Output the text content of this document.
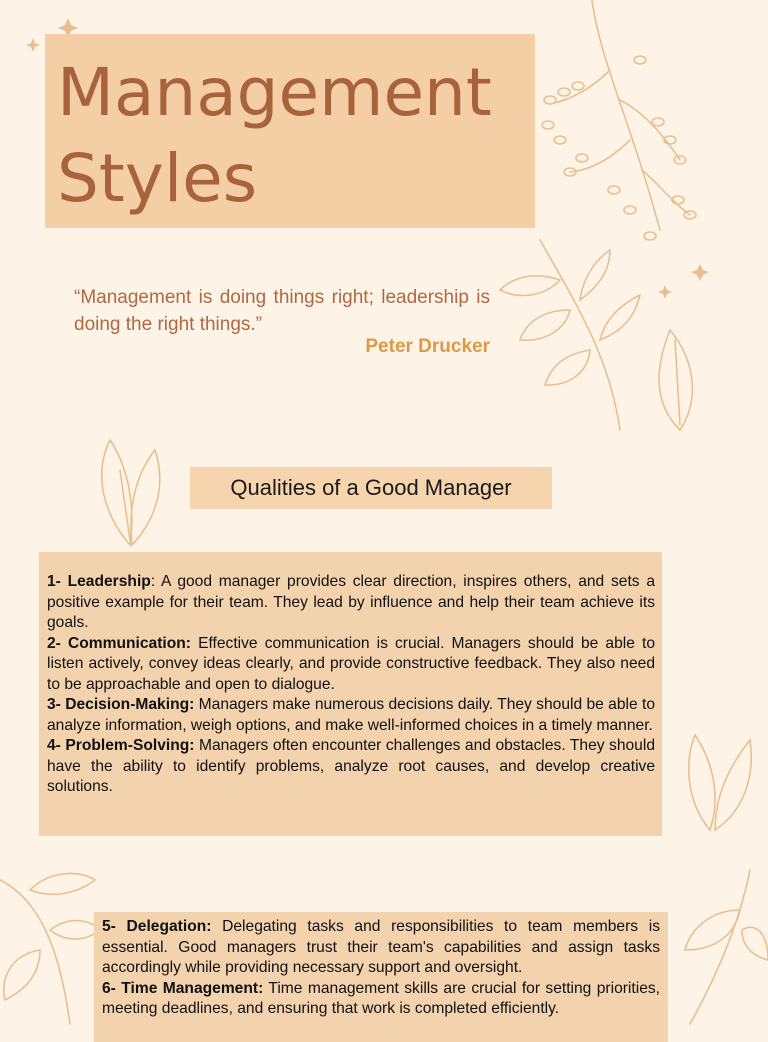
Management
Styles
“Management is doing things right; leadership is doing the right things.”
Peter Drucker
Qualities of a Good Manager

1- Leadership: A good manager provides clear direction, inspires others, and sets a positive example for their team. They lead by influence and help their team achieve its goals.

2- Communication: Effective communication is crucial. Managers should be able to listen actively, convey ideas clearly, and provide constructive feedback. They also need to be approachable and open to dialogue.

3- Decision-Making: Managers make numerous decisions daily. They should be able to analyze information, weigh options, and make well-informed choices in a timely manner.

4- Problem-Solving: Managers often encounter challenges and obstacles. They should have the ability to identify problems, analyze root causes, and develop creative solutions.

5- Delegation: Delegating tasks and responsibilities to team members is essential. Good managers trust their team's capabilities and assign tasks accordingly while providing necessary support and oversight.

6- Time Management: Time management skills are crucial for setting priorities, meeting deadlines, and ensuring that work is completed efficiently.
